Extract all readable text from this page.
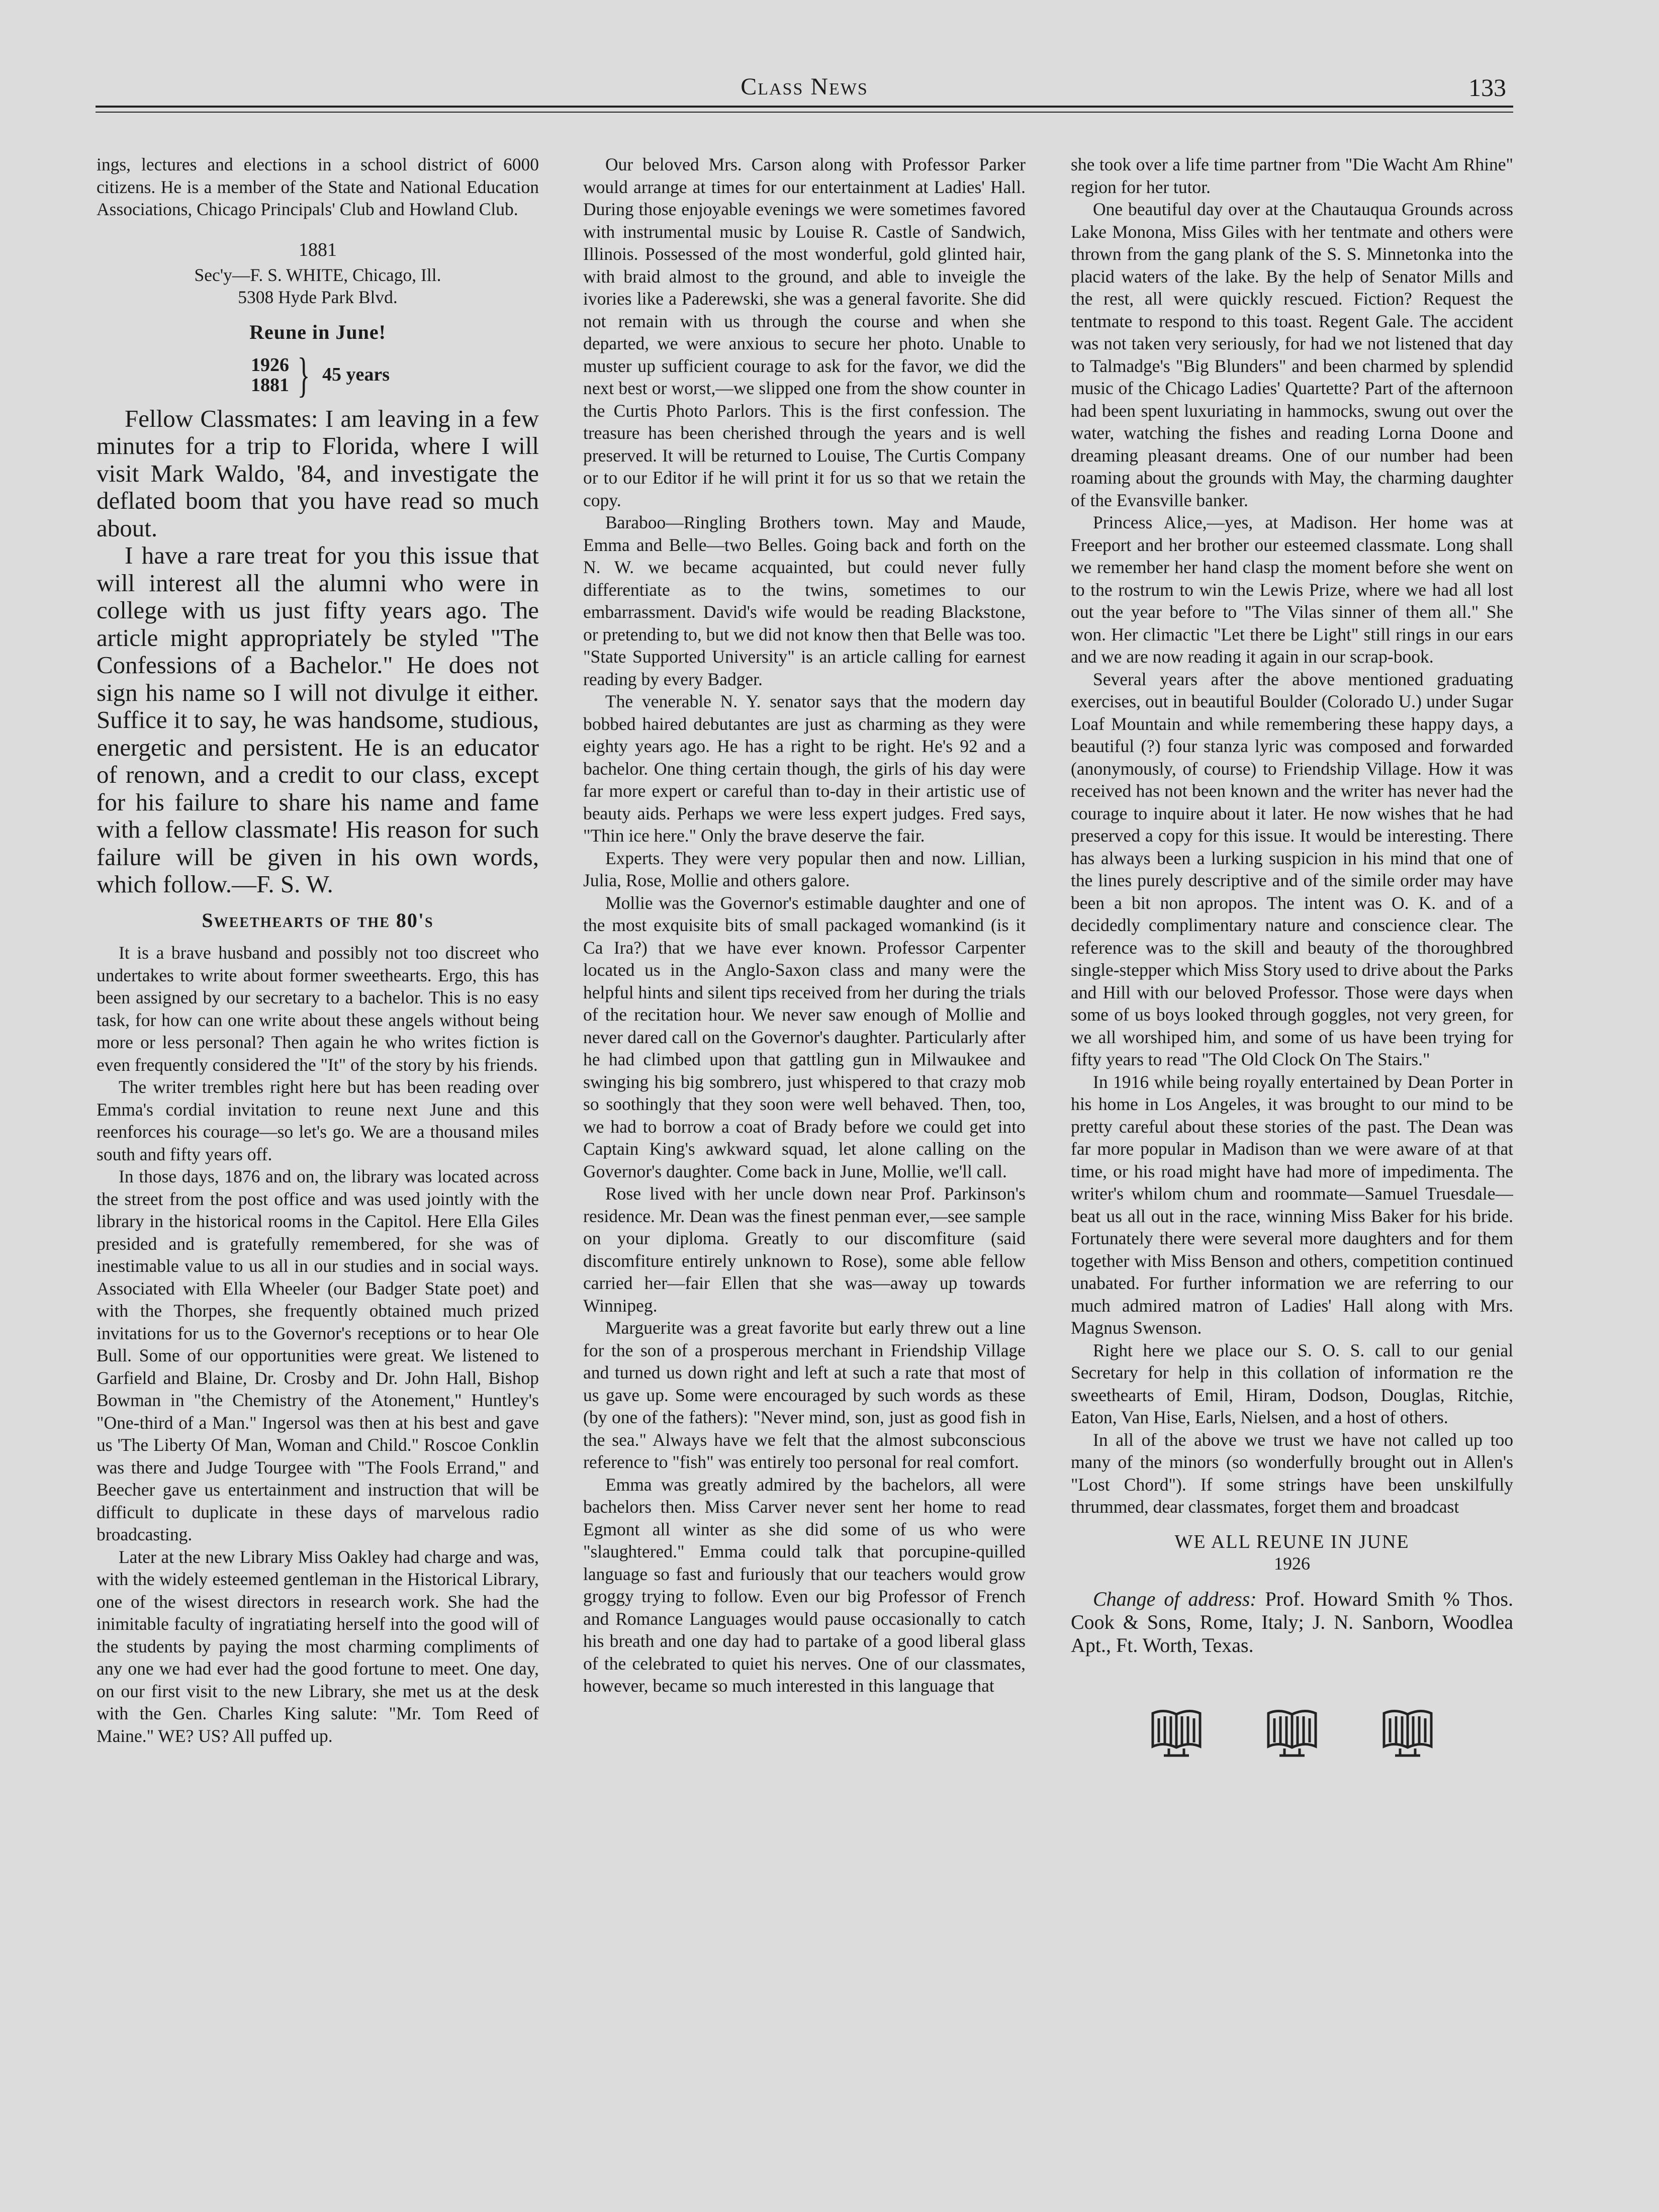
Class News	133

ings, lectures and elections in a school district of 6000 citizens. He is a member of the State and National Education Associations, Chicago Principals' Club and Howland Club.

1881
Sec'y—F. S. WHITE, Chicago, Ill.
5308 Hyde Park Blvd.
Reune in June!
1926
1881 } 45 years

Fellow Classmates: I am leaving in a few minutes for a trip to Florida, where I will visit Mark Waldo, '84, and investigate the deflated boom that you have read so much about.

I have a rare treat for you this issue that will interest all the alumni who were in college with us just fifty years ago. The article might appropriately be styled "The Confessions of a Bachelor." He does not sign his name so I will not divulge it either. Suffice it to say, he was handsome, studious, energetic and persistent. He is an educator of renown, and a credit to our class, except for his failure to share his name and fame with a fellow classmate! His reason for such failure will be given in his own words, which follow.—F. S. W.

Sweethearts of the 80's

It is a brave husband and possibly not too discreet who undertakes to write about former sweethearts. Ergo, this has been assigned by our secretary to a bachelor. This is no easy task, for how can one write about these angels without being more or less personal? Then again he who writes fiction is even frequently considered the "It" of the story by his friends.

The writer trembles right here but has been reading over Emma's cordial invitation to reune next June and this reenforces his courage—so let's go. We are a thousand miles south and fifty years off.

In those days, 1876 and on, the library was located across the street from the post office and was used jointly with the library in the historical rooms in the Capitol. Here Ella Giles presided and is gratefully remembered, for she was of inestimable value to us all in our studies and in social ways. Associated with Ella Wheeler (our Badger State poet) and with the Thorpes, she frequently obtained much prized invitations for us to the Governor's receptions or to hear Ole Bull. Some of our opportunities were great. We listened to Garfield and Blaine, Dr. Crosby and Dr. John Hall, Bishop Bowman in "the Chemistry of the Atonement," Huntley's "One-third of a Man." Ingersol was then at his best and gave us 'The Liberty Of Man, Woman and Child." Roscoe Conklin was there and Judge Tourgee with "The Fools Errand," and Beecher gave us entertainment and instruction that will be difficult to duplicate in these days of marvelous radio broadcasting.

Later at the new Library Miss Oakley had charge and was, with the widely esteemed gentleman in the Historical Library, one of the wisest directors in research work. She had the inimitable faculty of ingratiating herself into the good will of the students by paying the most charming compliments of any one we had ever had the good fortune to meet. One day, on our first visit to the new Library, she met us at the desk with the Gen. Charles King salute: "Mr. Tom Reed of Maine." WE? US? All puffed up.

Our beloved Mrs. Carson along with Professor Parker would arrange at times for our entertainment at Ladies' Hall. During those enjoyable evenings we were sometimes favored with instrumental music by Louise R. Castle of Sandwich, Illinois. Possessed of the most wonderful, gold glinted hair, with braid almost to the ground, and able to inveigle the ivories like a Paderewski, she was a general favorite. She did not remain with us through the course and when she departed, we were anxious to secure her photo. Unable to muster up sufficient courage to ask for the favor, we did the next best or worst,—we slipped one from the show counter in the Curtis Photo Parlors. This is the first confession. The treasure has been cherished through the years and is well preserved. It will be returned to Louise, The Curtis Company or to our Editor if he will print it for us so that we retain the copy.

Baraboo—Ringling Brothers town. May and Maude, Emma and Belle—two Belles. Going back and forth on the N. W. we became acquainted, but could never fully differentiate as to the twins, sometimes to our embarrassment. David's wife would be reading Blackstone, or pretending to, but we did not know then that Belle was too. "State Supported University" is an article calling for earnest reading by every Badger.

The venerable N. Y. senator says that the modern day bobbed haired debutantes are just as charming as they were eighty years ago. He has a right to be right. He's 92 and a bachelor. One thing certain though, the girls of his day were far more expert or careful than to-day in their artistic use of beauty aids. Perhaps we were less expert judges. Fred says, "Thin ice here." Only the brave deserve the fair.

Experts. They were very popular then and now. Lillian, Julia, Rose, Mollie and others galore.

Mollie was the Governor's estimable daughter and one of the most exquisite bits of small packaged womankind (is it Ca Ira?) that we have ever known. Professor Carpenter located us in the Anglo-Saxon class and many were the helpful hints and silent tips received from her during the trials of the recitation hour. We never saw enough of Mollie and never dared call on the Governor's daughter. Particularly after he had climbed upon that gattling gun in Milwaukee and swinging his big sombrero, just whispered to that crazy mob so soothingly that they soon were well behaved. Then, too, we had to borrow a coat of Brady before we could get into Captain King's awkward squad, let alone calling on the Governor's daughter. Come back in June, Mollie, we'll call.

Rose lived with her uncle down near Prof. Parkinson's residence. Mr. Dean was the finest penman ever,—see sample on your diploma. Greatly to our discomfiture (said discomfiture entirely unknown to Rose), some able fellow carried her—fair Ellen that she was—away up towards Winnipeg.

Marguerite was a great favorite but early threw out a line for the son of a prosperous merchant in Friendship Village and turned us down right and left at such a rate that most of us gave up. Some were encouraged by such words as these (by one of the fathers): "Never mind, son, just as good fish in the sea." Always have we felt that the almost subconscious reference to "fish" was entirely too personal for real comfort.

Emma was greatly admired by the bachelors, all were bachelors then. Miss Carver never sent her home to read Egmont all winter as she did some of us who were "slaughtered." Emma could talk that porcupine-quilled language so fast and furiously that our teachers would grow groggy trying to follow. Even our big Professor of French and Romance Languages would pause occasionally to catch his breath and one day had to partake of a good liberal glass of the celebrated to quiet his nerves. One of our classmates, however, became so much interested in this language that

she took over a life time partner from "Die Wacht Am Rhine" region for her tutor.

One beautiful day over at the Chautauqua Grounds across Lake Monona, Miss Giles with her tentmate and others were thrown from the gang plank of the S. S. Minnetonka into the placid waters of the lake. By the help of Senator Mills and the rest, all were quickly rescued. Fiction? Request the tentmate to respond to this toast. Regent Gale. The accident was not taken very seriously, for had we not listened that day to Talmadge's "Big Blunders" and been charmed by splendid music of the Chicago Ladies' Quartette? Part of the afternoon had been spent luxuriating in hammocks, swung out over the water, watching the fishes and reading Lorna Doone and dreaming pleasant dreams. One of our number had been roaming about the grounds with May, the charming daughter of the Evansville banker.

Princess Alice,—yes, at Madison. Her home was at Freeport and her brother our esteemed classmate. Long shall we remember her hand clasp the moment before she went on to the rostrum to win the Lewis Prize, where we had all lost out the year before to "The Vilas sinner of them all." She won. Her climactic "Let there be Light" still rings in our ears and we are now reading it again in our scrap-book.

Several years after the above mentioned graduating exercises, out in beautiful Boulder (Colorado U.) under Sugar Loaf Mountain and while remembering these happy days, a beautiful (?) four stanza lyric was composed and forwarded (anonymously, of course) to Friendship Village. How it was received has not been known and the writer has never had the courage to inquire about it later. He now wishes that he had preserved a copy for this issue. It would be interesting. There has always been a lurking suspicion in his mind that one of the lines purely descriptive and of the simile order may have been a bit non apropos. The intent was O. K. and of a decidedly complimentary nature and conscience clear. The reference was to the skill and beauty of the thoroughbred single-stepper which Miss Story used to drive about the Parks and Hill with our beloved Professor. Those were days when some of us boys looked through goggles, not very green, for we all worshiped him, and some of us have been trying for fifty years to read "The Old Clock On The Stairs."

In 1916 while being royally entertained by Dean Porter in his home in Los Angeles, it was brought to our mind to be pretty careful about these stories of the past. The Dean was far more popular in Madison than we were aware of at that time, or his road might have had more of impedimenta. The writer's whilom chum and roommate—Samuel Truesdale—beat us all out in the race, winning Miss Baker for his bride. Fortunately there were several more daughters and for them together with Miss Benson and others, competition continued unabated. For further information we are referring to our much admired matron of Ladies' Hall along with Mrs. Magnus Swenson.

Right here we place our S. O. S. call to our genial Secretary for help in this collation of information re the sweethearts of Emil, Hiram, Dodson, Douglas, Ritchie, Eaton, Van Hise, Earls, Nielsen, and a host of others.

In all of the above we trust we have not called up too many of the minors (so wonderfully brought out in Allen's "Lost Chord"). If some strings have been unskilfully thrummed, dear classmates, forget them and broadcast

WE ALL REUNE IN JUNE
1926

Change of address: Prof. Howard Smith % Thos. Cook & Sons, Rome, Italy; J. N. Sanborn, Woodlea Apt., Ft. Worth, Texas.
